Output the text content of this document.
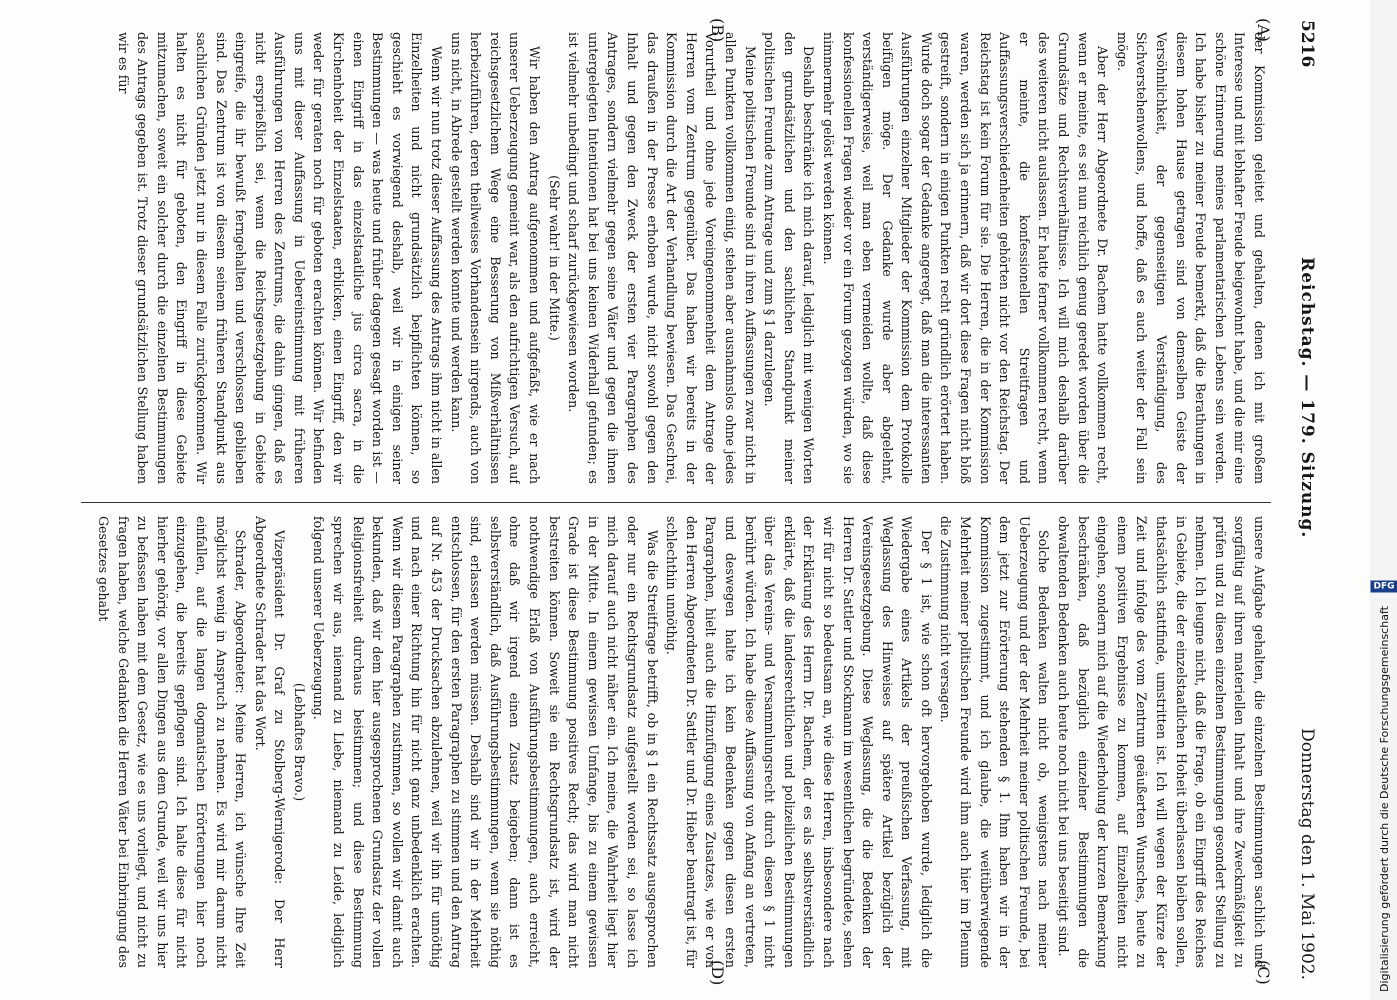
5216
Reichstag. — 179. Sitzung.
Donnerstag den 1. Mai 1902.
(A)
(B)
(C)
(D)

der Kommission geleitet und gehalten, denen ich mit großem Interesse und mit lebhafter Freude beigewohnt habe, und die mir eine schöne Erinnerung meines parlamentarischen Lebens sein werden. Ich habe bisher zu meiner Freude bemerkt, daß die Berathungen in diesem hohen Hause getragen sind von demselben Geiste der Versöhnlichkeit, der gegenseitigen Verständigung, des Sichverstehenwollens, und hoffe, daß es auch weiter der Fall sein möge.

Aber der Herr Abgeordnete Dr. Bachem hatte vollkommen recht, wenn er meinte, es sei nun reichlich genug geredet worden über die Grundsätze und Rechtsverhältnisse. Ich will mich deshalb darüber des weiteren nicht auslassen. Er hatte ferner vollkommen recht, wenn er meinte, die konfessionellen Streitfragen und Auffassungsverschiedenheiten gehörten nicht vor den Reichstag. Der Reichstag ist kein Forum für sie. Die Herren, die in der Kommission waren, werden sich ja erinnern, daß wir dort diese Fragen nicht bloß gestreift, sondern in einigen Punkten recht gründlich erörtert haben. Wurde doch sogar der Gedanke angeregt, daß man die interessanten Ausführungen einzelner Mitglieder der Kommission dem Protokolle beifügen möge. Der Gedanke wurde aber abgelehnt, verständigerweise, weil man eben vermeiden wollte, daß diese konfessionellen Fragen wieder vor ein Forum gezogen würden, wo sie nimmermehr gelöst werden können.

Deshalb beschränke ich mich darauf, lediglich mit wenigen Worten den grundsätzlichen und den sachlichen Standpunkt meiner politischen Freunde zum Antrage und zum § 1 darzulegen.

Meine politischen Freunde sind in ihren Auffassungen zwar nicht in allen Punkten vollkommen einig, stehen aber ausnahmslos ohne jedes Vorurtheil und ohne jede Voreingenommenheit dem Antrage der Herren vom Zentrum gegenüber. Das haben wir bereits in der Kommission durch die Art der Verhandlung bewiesen. Das Geschrei, das draußen in der Presse erhoben wurde, nicht sowohl gegen den Inhalt und gegen den Zweck der ersten vier Paragraphen des Antrages, sondern vielmehr gegen seine Väter und gegen die ihnen untergelegten Intentionen hat bei uns keinen Widerhall gefunden; es ist vielmehr unbedingt und scharf zurückgewiesen worden.

(Sehr wahr! in der Mitte.)

Wir haben den Antrag aufgenommen und aufgefaßt, wie er nach unserer Ueberzeugung gemeint war, als den aufrichtigen Versuch, auf reichsgesetzlichem Wege eine Besserung von Mißverhältnissen herbeizuführen, deren theilweises Vorhandensein nirgends, auch von uns nicht, in Abrede gestellt werden konnte und werden kann.

Wenn wir nun trotz dieser Auffassung des Antrags ihm nicht in allen Einzelheiten und nicht grundsätzlich beipflichten können, so geschieht es vorwiegend deshalb, weil wir in einigen seiner Bestimmungen — was heute und früher dagegen gesagt worden ist — einen Eingriff in das einzelstaatliche jus circa sacra, in die Kirchenhoheit der Einzelstaaten, erblicken, einen Eingriff, den wir weder für geraten noch für geboten erachten können. Wir befinden uns mit dieser Auffassung in Uebereinstimmung mit früheren Ausführungen von Herren des Zentrums, die dahin gingen, daß es nicht ersprießlich sei, wenn die Reichsgesetzgebung in Gebiete eingreife, die ihr bewußt ferngehalten und verschlossen geblieben sind. Das Zentrum ist von diesem seinem früheren Standpunkt aus sachlichen Gründen jetzt nur in diesem Falle zurückgekommen. Wir halten es nicht für geboten, den Eingriff in diese Gebiete mitzumachen, soweit ein solcher durch die einzelnen Bestimmungen des Antrags gegeben ist. Trotz dieser grundsätzlichen Stellung haben wir es für

unsere Aufgabe gehalten, die einzelnen Bestimmungen sachlich und sorgfältig auf ihren materiellen Inhalt und ihre Zweckmäßigkeit zu prüfen und zu diesen einzelnen Bestimmungen gesondert Stellung zu nehmen. Ich leugne nicht, daß die Frage, ob ein Eingriff des Reiches in Gebiete, die der einzelstaatlichen Hoheit überlassen bleiben sollen, thatsächlich stattfinde, umstritten ist. Ich will wegen der Kürze der Zeit und infolge des vom Zentrum geäußerten Wunsches, heute zu einem positiven Ergebnisse zu kommen, auf Einzelheiten nicht eingehen, sondern mich auf die Wiederholung der kurzen Bemerkung beschränken, daß bezüglich einzelner Bestimmungen die obwaltenden Bedenken auch heute noch nicht bei uns beseitigt sind.

Solche Bedenken walten nicht ob, wenigstens nach meiner Ueberzeugung und der der Mehrheit meiner politischen Freunde, bei dem jetzt zur Erörterung stehenden § 1. Ihm haben wir in der Kommission zugestimmt, und ich glaube, die weitüberwiegende Mehrheit meiner politischen Freunde wird ihm auch hier im Plenum die Zustimmung nicht versagen.

Der § 1 ist, wie schon oft hervorgehoben wurde, lediglich die Wiedergabe eines Artikels der preußischen Verfassung, mit Weglassung des Hinweises auf spätere Artikel bezüglich der Vereinsgesetzgebung. Diese Weglassung, die die Bedenken der Herren Dr. Sattler und Stockmann im wesentlichen begründete, sehen wir für nicht so bedeutsam an, wie diese Herren, insbesondere nach der Erklärung des Herrn Dr. Bachem, der es als selbstverständlich erklärte, daß die landesrechtlichen und polizeilichen Bestimmungen über das Vereins- und Versammlungsrecht durch diesen § 1 nicht berührt würden. Ich habe diese Auffassung von Anfang an vertreten, und deswegen halte ich kein Bedenken gegen diesen ersten Paragraphen, hielt auch die Hinzufügung eines Zusatzes, wie er von den Herren Abgeordneten Dr. Sattler und Dr. Hieber beantragt ist, für schlechthin unnöthig.

Was die Streitfrage betrifft, ob in § 1 ein Rechtssatz ausgesprochen oder nur ein Rechtsgrundsatz aufgestellt worden sei, so lasse ich mich darauf auch nicht näher ein. Ich meine, die Wahrheit liegt hier in der Mitte. In einem gewissen Umfange, bis zu einem gewissen Grade ist diese Bestimmung positives Recht; das wird man nicht bestreiten können. Soweit sie ein Rechtsgrundsatz ist, wird der nothwendige Erlaß von Ausführungsbestimmungen, auch erreicht, ohne daß wir irgend einen Zusatz beigeben; dann ist es selbstverständlich, daß Ausführungsbestimmungen, wenn sie nöthig sind, erlassen werden müssen. Deshalb sind wir in der Mehrheit entschlossen, für den ersten Paragraphen zu stimmen und den Antrag auf Nr. 453 der Drucksachen abzulehnen, weil wir ihn für unnöthig und nach einer Richtung hin für nicht ganz unbedenklich erachten. Wenn wir diesem Paragraphen zustimmen, so wollen wir damit auch bekunden, daß wir dem hier ausgesprochenen Grundsatz der vollen Religionsfreiheit durchaus beistimmen; und diese Bestimmung sprechen wir aus, niemand zu Liebe, niemand zu Leide, lediglich folgend unserer Ueberzeugung.

(Lebhaftes Bravo.)

Vizepräsident Dr. Graf zu Stolberg-Wernigerode: Der Herr Abgeordnete Schrader hat das Wort.

Schrader, Abgeordneter: Meine Herren, ich wünsche Ihre Zeit möglichst wenig in Anspruch zu nehmen. Es wird mir darum nicht einfallen, auf die langen dogmatischen Erörterungen hier noch einzugehen, die bereits gepflogen sind. Ich halte diese für nicht hierher gehörig, vor allen Dingen aus dem Grunde, weil wir uns hier zu befassen haben mit dem Gesetz, wie es uns vorliegt, und nicht zu fragen haben, welche Gedanken die Herren Väter bei Einbringung des Gesetzes gehabt

Digitalisierung gefördert durch die Deutsche Forschungsgemeinschaft
DFG
